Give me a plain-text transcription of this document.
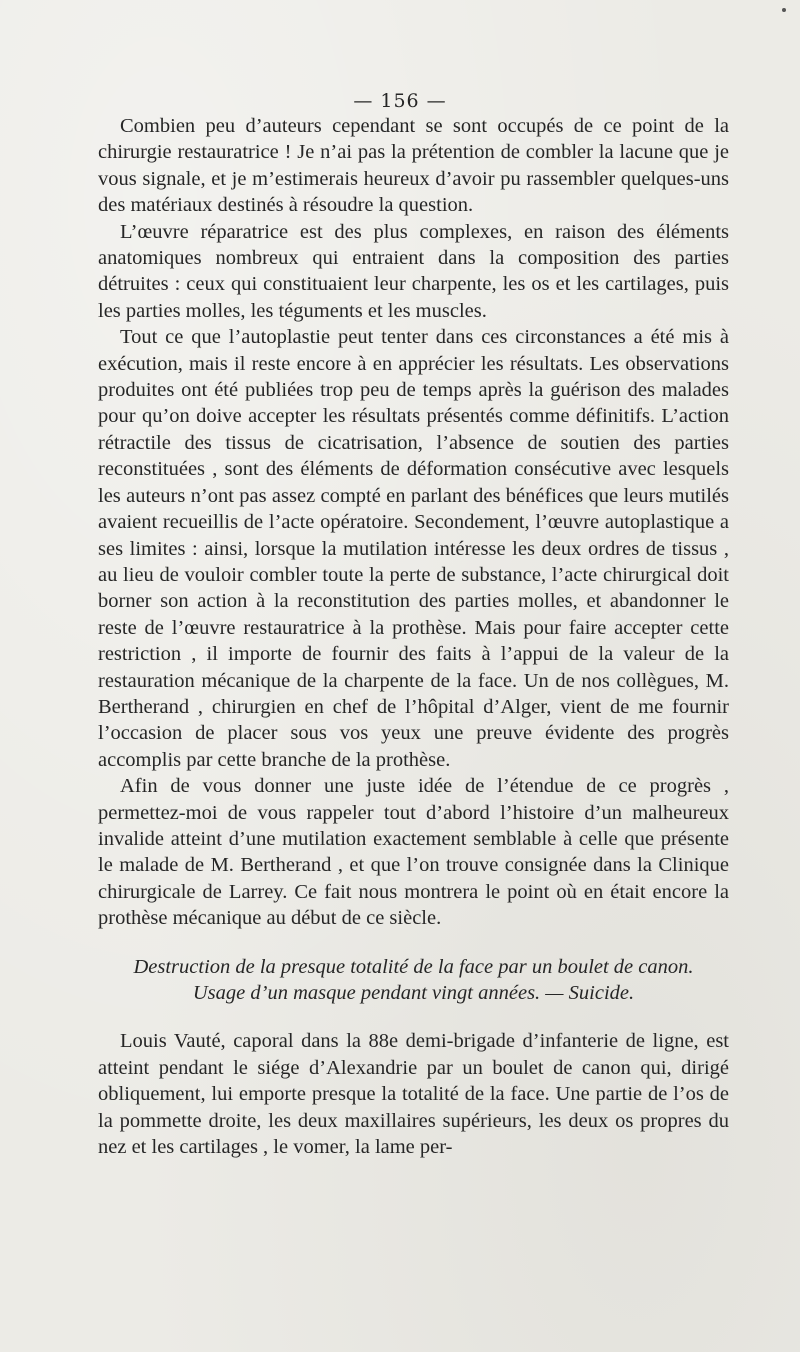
— 156 —

Combien peu d’auteurs cependant se sont occupés de ce point de la chirurgie restauratrice ! Je n’ai pas la prétention de combler la lacune que je vous signale, et je m’estimerais heureux d’avoir pu rassembler quelques-uns des matériaux destinés à résoudre la question.

L’œuvre réparatrice est des plus complexes, en raison des éléments anatomiques nombreux qui entraient dans la composition des parties détruites : ceux qui constituaient leur charpente, les os et les cartilages, puis les parties molles, les téguments et les muscles.

Tout ce que l’autoplastie peut tenter dans ces circonstances a été mis à exécution, mais il reste encore à en apprécier les résultats. Les observations produites ont été publiées trop peu de temps après la guérison des malades pour qu’on doive accepter les résultats présentés comme définitifs. L’action rétractile des tissus de cicatrisation, l’absence de soutien des parties reconstituées , sont des éléments de déformation consécutive avec lesquels les auteurs n’ont pas assez compté en parlant des bénéfices que leurs mutilés avaient recueillis de l’acte opératoire. Secondement, l’œuvre autoplastique a ses limites : ainsi, lorsque la mutilation intéresse les deux ordres de tissus , au lieu de vouloir combler toute la perte de substance, l’acte chirurgical doit borner son action à la reconstitution des parties molles, et abandonner le reste de l’œuvre restauratrice à la prothèse. Mais pour faire accepter cette restriction , il importe de fournir des faits à l’appui de la valeur de la restauration mécanique de la charpente de la face. Un de nos collègues, M. Bertherand , chirurgien en chef de l’hôpital d’Alger, vient de me fournir l’occasion de placer sous vos yeux une preuve évidente des progrès accomplis par cette branche de la prothèse.

Afin de vous donner une juste idée de l’étendue de ce progrès , permettez-moi de vous rappeler tout d’abord l’histoire d’un malheureux invalide atteint d’une mutilation exactement semblable à celle que présente le malade de M. Bertherand , et que l’on trouve consignée dans la Clinique chirurgicale de Larrey. Ce fait nous montrera le point où en était encore la prothèse mécanique au début de ce siècle.

Destruction de la presque totalité de la face par un boulet de canon.
Usage d’un masque pendant vingt années. — Suicide.

Louis Vauté, caporal dans la 88e demi-brigade d’infanterie de ligne, est atteint pendant le siége d’Alexandrie par un boulet de canon qui, dirigé obliquement, lui emporte presque la totalité de la face. Une partie de l’os de la pommette droite, les deux maxillaires supérieurs, les deux os propres du nez et les cartilages , le vomer, la lame per-
